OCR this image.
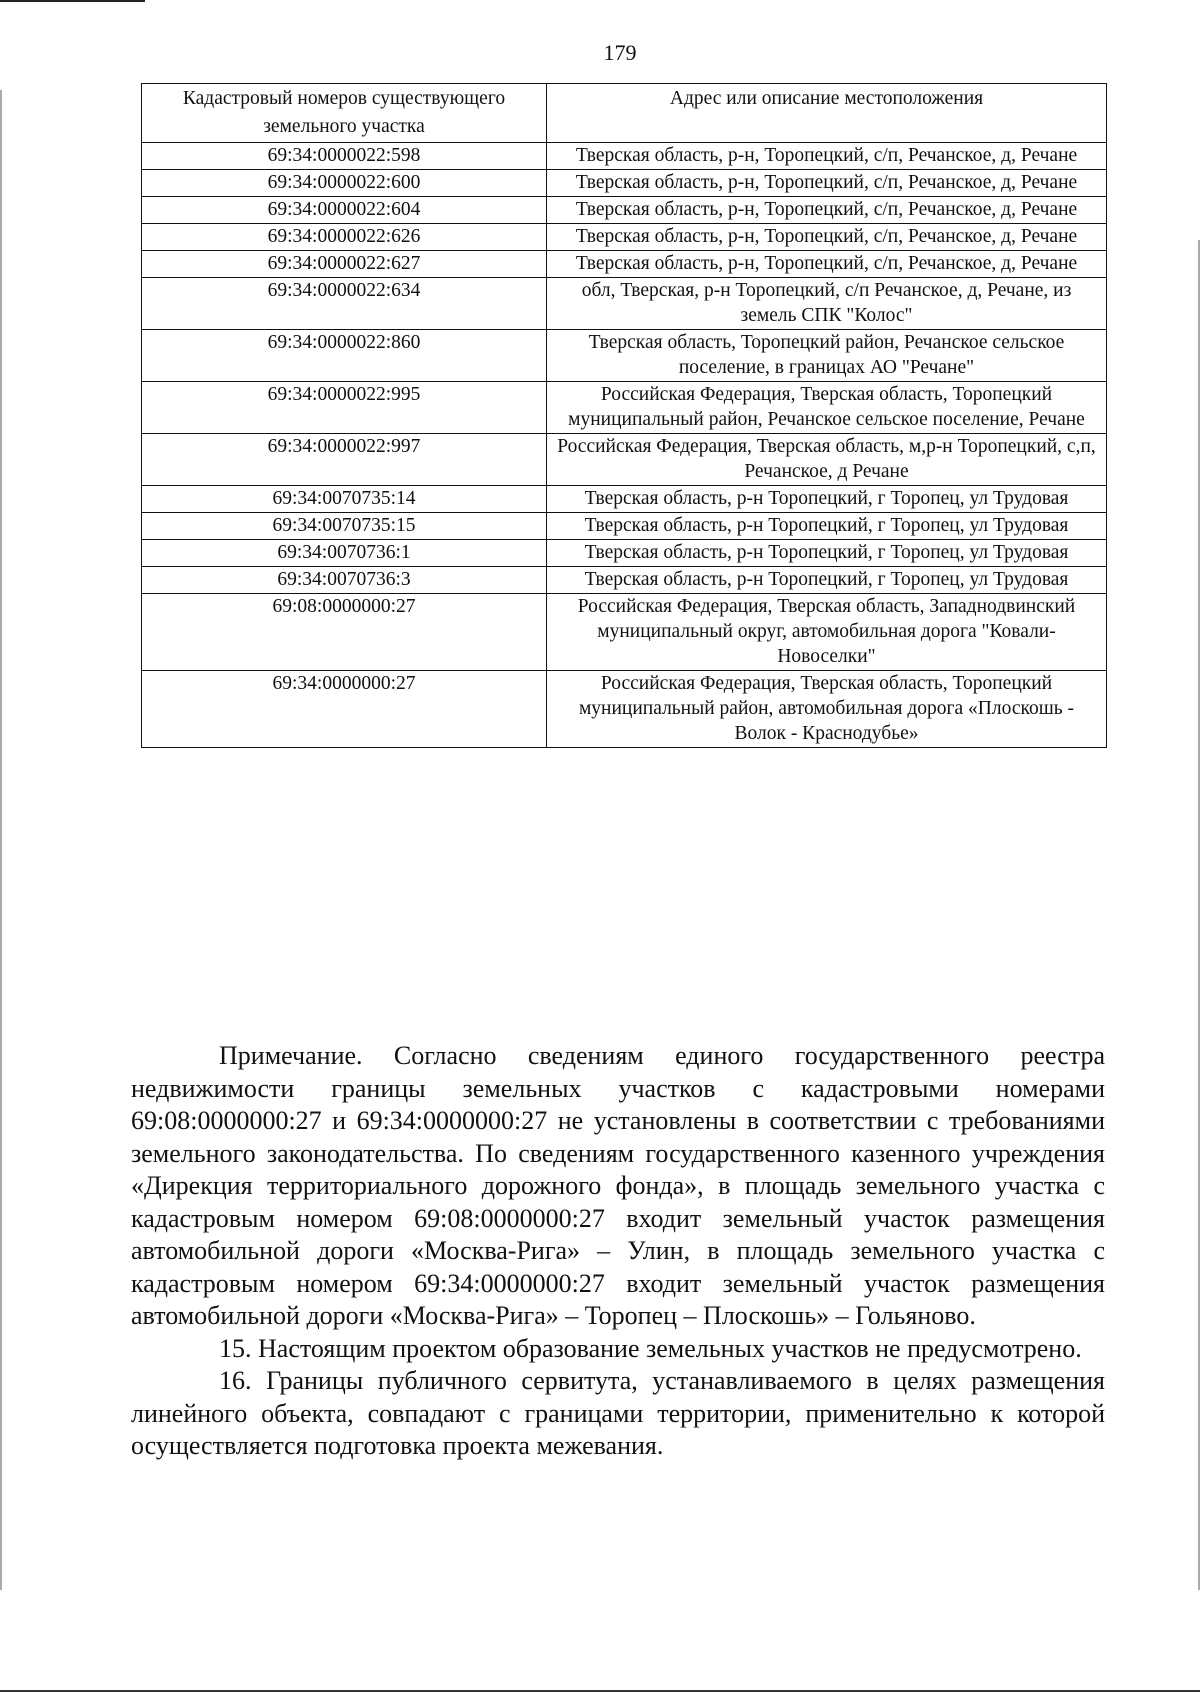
179
Кадастровый номеров существующего земельного участка	Адрес или описание местоположения
69:34:0000022:598	Тверская область, р-н, Торопецкий, с/п, Речанское, д, Речане
69:34:0000022:600	Тверская область, р-н, Торопецкий, с/п, Речанское, д, Речане
69:34:0000022:604	Тверская область, р-н, Торопецкий, с/п, Речанское, д, Речане
69:34:0000022:626	Тверская область, р-н, Торопецкий, с/п, Речанское, д, Речане
69:34:0000022:627	Тверская область, р-н, Торопецкий, с/п, Речанское, д, Речане
69:34:0000022:634	обл, Тверская, р-н Торопецкий, с/п Речанское, д, Речане, из земель СПК "Колос"
69:34:0000022:860	Тверская область, Торопецкий район, Речанское сельское поселение, в границах АО "Речане"
69:34:0000022:995	Российская Федерация, Тверская область, Торопецкий муниципальный район, Речанское сельское поселение, Речане
69:34:0000022:997	Российская Федерация, Тверская область, м,р-н Торопецкий, с,п, Речанское, д Речане
69:34:0070735:14	Тверская область, р-н Торопецкий, г Торопец, ул Трудовая
69:34:0070735:15	Тверская область, р-н Торопецкий, г Торопец, ул Трудовая
69:34:0070736:1	Тверская область, р-н Торопецкий, г Торопец, ул Трудовая
69:34:0070736:3	Тверская область, р-н Торопецкий, г Торопец, ул Трудовая
69:08:0000000:27	Российская Федерация, Тверская область, Западнодвинский муниципальный округ, автомобильная дорога "Ковали-Новоселки"
69:34:0000000:27	Российская Федерация, Тверская область, Торопецкий муниципальный район, автомобильная дорога «Плоскошь - Волок - Краснодубье»

Примечание. Согласно сведениям единого государственного реестра недвижимости границы земельных участков с кадастровыми номерами 69:08:0000000:27 и 69:34:0000000:27 не установлены в соответствии с требованиями земельного законодательства. По сведениям государственного казенного учреждения «Дирекция территориального дорожного фонда», в площадь земельного участка с кадастровым номером 69:08:0000000:27 входит земельный участок размещения автомобильной дороги «Москва-Рига» – Улин, в площадь земельного участка с кадастровым номером 69:34:0000000:27 входит земельный участок размещения автомобильной дороги «Москва-Рига» – Торопец – Плоскошь» – Гольяново.

15. Настоящим проектом образование земельных участков не предусмотрено.

16. Границы публичного сервитута, устанавливаемого в целях размещения линейного объекта, совпадают с границами территории, применительно к которой осуществляется подготовка проекта межевания.
